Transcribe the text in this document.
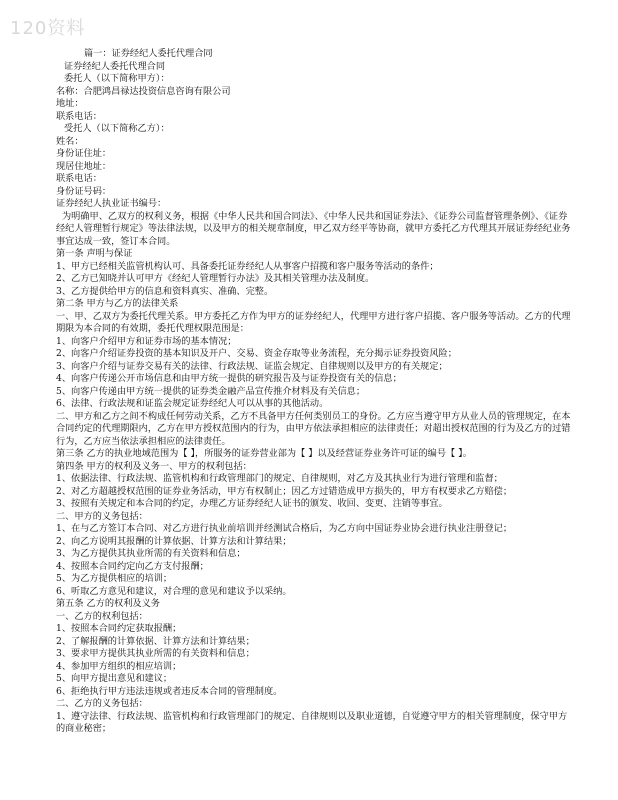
120资料
篇一：证券经纪人委托代理合同
证券经纪人委托代理合同
委托人（以下简称甲方）：
名称：合肥鸿昌禄达投资信息咨询有限公司
地址：
联系电话：
受托人（以下简称乙方）：
姓名：
身份证住址：
现居住地址：
联系电话：
身份证号码：
证券经纪人执业证书编号：
为明确甲、乙双方的权利义务，根据《中华人民共和国合同法》、《中华人民共和国证券法》、《证券公司监督管理条例》、《证券经纪人管理暂行规定》等法律法规，以及甲方的相关规章制度，甲乙双方经平等协商，就甲方委托乙方代理其开展证券经纪业务事宜达成一致，签订本合同。
第一条 声明与保证
1、甲方已经相关监管机构认可、具备委托证券经纪人从事客户招揽和客户服务等活动的条件；
2、乙方已知晓并认可甲方《经纪人管理暂行办法》及其相关管理办法及制度。
3、乙方提供给甲方的信息和资料真实、准确、完整。
第二条 甲方与乙方的法律关系
一、甲、乙双方为委托代理关系。甲方委托乙方作为甲方的证券经纪人，代理甲方进行客户招揽、客户服务等活动。乙方的代理期限为本合同的有效期，委托代理权限范围是：
1、向客户介绍甲方和证券市场的基本情况；
2、向客户介绍证券投资的基本知识及开户、交易、资金存取等业务流程，充分揭示证券投资风险；
3、向客户介绍与证券交易有关的法律、行政法规、证监会规定、自律规则以及甲方的有关规定；
4、向客户传递公开市场信息和由甲方统一提供的研究报告及与证券投资有关的信息；
5、向客户传递由甲方统一提供的证券类金融产品宣传推介材料及有关信息；
6、法律、行政法规和证监会规定证券经纪人可以从事的其他活动。
二、甲方和乙方之间不构成任何劳动关系，乙方不具备甲方任何类别员工的身份。乙方应当遵守甲方从业人员的管理规定，在本合同约定的代理期限内，乙方在甲方授权范围内的行为，由甲方依法承担相应的法律责任；对超出授权范围的行为及乙方的过错行为，乙方应当依法承担相应的法律责任。
第三条 乙方的执业地域范围为【 】，所服务的证券营业部为【 】以及经营证券业务许可证的编号【 】。
第四条 甲方的权利及义务一、甲方的权利包括：
1、依据法律、行政法规、监管机构和行政管理部门的规定、自律规则，对乙方及其执业行为进行管理和监督；
2、对乙方超越授权范围的证券业务活动，甲方有权制止；因乙方过错造成甲方损失的，甲方有权要求乙方赔偿；
3、按照有关规定和本合同的约定，办理乙方证券经纪人证书的颁发、收回、变更、注销等事宜。
二、甲方的义务包括：
1、在与乙方签订本合同、对乙方进行执业前培训并经测试合格后，为乙方向中国证券业协会进行执业注册登记；
2、向乙方说明其报酬的计算依据、计算方法和计算结果；
3、为乙方提供其执业所需的有关资料和信息；
4、按照本合同约定向乙方支付报酬；
5、为乙方提供相应的培训；
6、听取乙方意见和建议，对合理的意见和建议予以采纳。
第五条 乙方的权利及义务
一、乙方的权利包括：
1、按照本合同约定获取报酬；
2、了解报酬的计算依据、计算方法和计算结果；
3、要求甲方提供其执业所需的有关资料和信息；
4、参加甲方组织的相应培训；
5、向甲方提出意见和建议；
6、拒绝执行甲方违法违规或者违反本合同的管理制度。
二、乙方的义务包括：
1、遵守法律、行政法规、监管机构和行政管理部门的规定、自律规则以及职业道德，自觉遵守甲方的相关管理制度，保守甲方的商业秘密；
